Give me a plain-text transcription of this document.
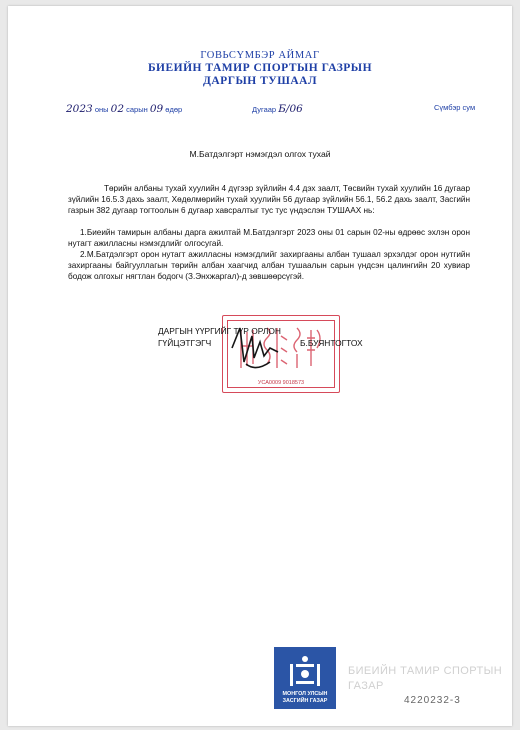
ГОВЬСҮМБЭР АЙМАГ
БИЕИЙН ТАМИР СПОРТЫН ГАЗРЫН
ДАРГЫН ТУШААЛ
2023 оны 02 сарын 09 өдөр	Дугаар Б/06	Сүмбэр сум
М.Батдэлгэрт нэмэгдэл олгох тухай
Төрийн албаны тухай хуулийн 4 дүгээр зүйлийн 4.4 дэх заалт, Төсвийн тухай хуулийн 16 дугаар зүйлийн 16.5.3 дахь заалт, Хөдөлмөрийн тухай хуулийн 56 дугаар зүйлийн 56.1, 56.2 дахь заалт, Засгийн газрын 382 дугаар тогтоолын 6 дугаар хавсралтыг тус тус үндэслэн ТУШААХ нь:
1.Биеийн тамирын албаны дарга ажилтай М.Батдэлгэрт 2023 оны 01 сарын 02-ны өдрөөс эхлэн орон нутагт ажилласны нэмэгдлийг олгосугай.
2.М.Батдэлгэрт орон нутагт ажилласны нэмэгдлийг захиргааны албан тушаал эрхэлдэг орон нутгийн захиргааны байгууллагын төрийн албан хаагчид албан тушаалын сарын үндсэн цалингийн 20 хувиар бодож олгохыг нягтлан бодогч (З.Энхжаргал)-д зөвшөөрсүгэй.
УСА0009 9018573
ДАРГЫН ҮҮРГИЙГ ТҮР ОРЛОН
ГҮЙЦЭТГЭГЧ	Б.БУЯНТОГТОХ
БИЕИЙН ТАМИР СПОРТЫН
ГАЗАР
МОНГОЛ УЛСЫН
ЗАСГИЙН ГАЗАР	4220232-3
